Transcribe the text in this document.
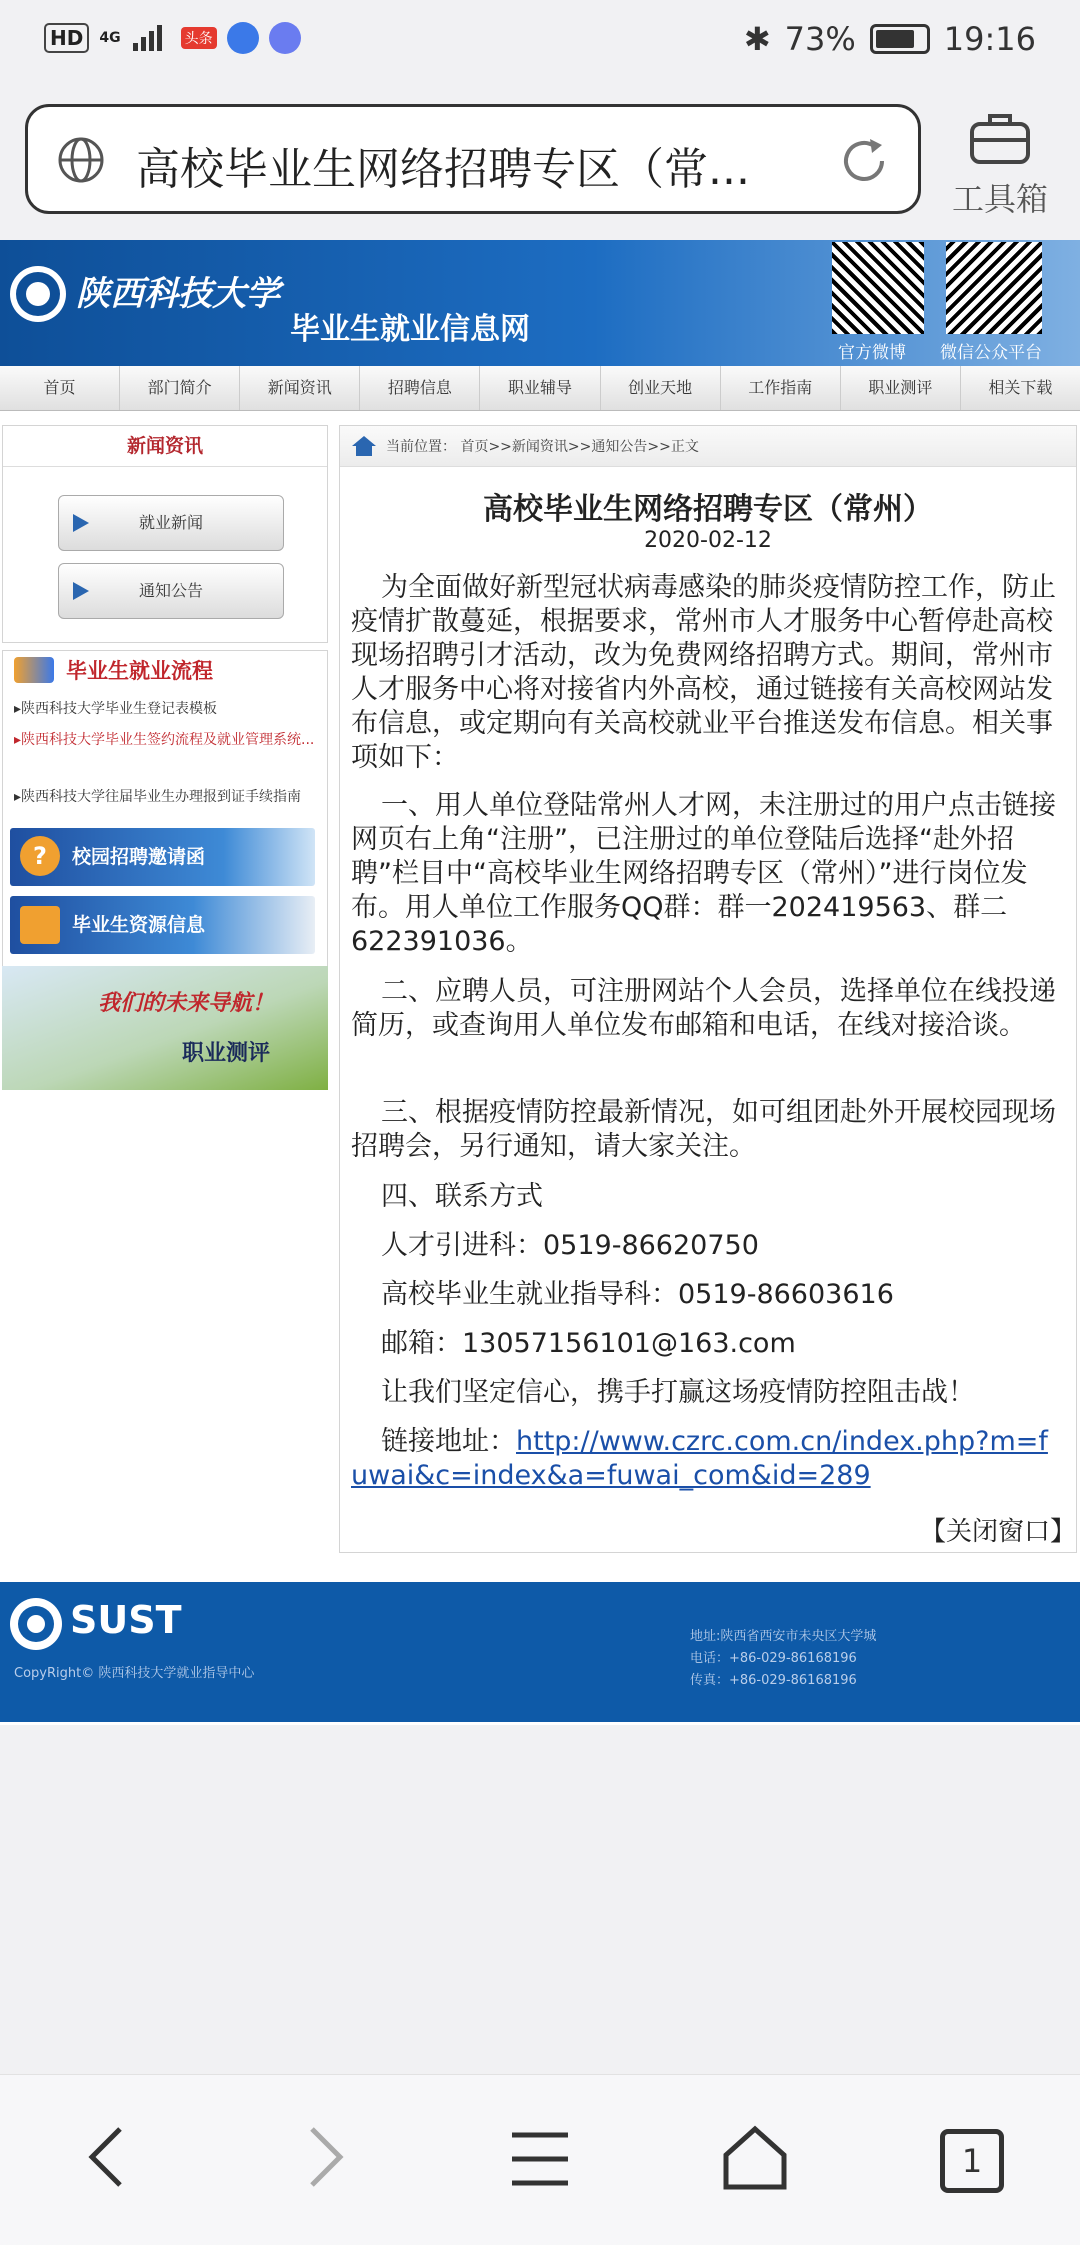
HD	4G	头条	✱ 73%	19:16
高校毕业生网络招聘专区（常...
工具箱
陕西科技大学
毕业生就业信息网
官方微博 微信公众平台
首页	部门简介	新闻资讯	招聘信息	职业辅导	创业天地	工作指南	职业测评	相关下载
新闻资讯
就业新闻
通知公告
毕业生就业流程
▸陕西科技大学毕业生登记表模板
▸陕西科技大学毕业生签约流程及就业管理系统...
▸陕西科技大学往届毕业生办理报到证手续指南
?	校园招聘邀请函
毕业生资源信息
我们的未来导航！
职业测评
当前位置： 首页>>新闻资讯>>通知公告>>正文
高校毕业生网络招聘专区（常州）
2020-02-12
为全面做好新型冠状病毒感染的肺炎疫情防控工作，防止疫情扩散蔓延，根据要求，常州市人才服务中心暂停赴高校现场招聘引才活动，改为免费网络招聘方式。期间，常州市人才服务中心将对接省内外高校，通过链接有关高校网站发布信息，或定期向有关高校就业平台推送发布信息。相关事项如下：
一、用人单位登陆常州人才网，未注册过的用户点击链接网页右上角“注册”，已注册过的单位登陆后选择“赴外招聘”栏目中“高校毕业生网络招聘专区（常州）”进行岗位发布。用人单位工作服务QQ群：群一202419563、群二622391036。
二、应聘人员，可注册网站个人会员，选择单位在线投递简历，或查询用人单位发布邮箱和电话，在线对接洽谈。
三、根据疫情防控最新情况，如可组团赴外开展校园现场招聘会，另行通知，请大家关注。
四、联系方式
人才引进科：0519-86620750
高校毕业生就业指导科：0519-86603616
邮箱：13057156101@163.com
让我们坚定信心，携手打赢这场疫情防控阻击战！
链接地址：http://www.czrc.com.cn/index.php?m=fuwai&c=index&a=fuwai_com&id=289
【关闭窗口】
SUST
CopyRight© 陕西科技大学就业指导中心
地址:陕西省西安市未央区大学城
电话：+86-029-86168196
传真：+86-029-86168196
1
